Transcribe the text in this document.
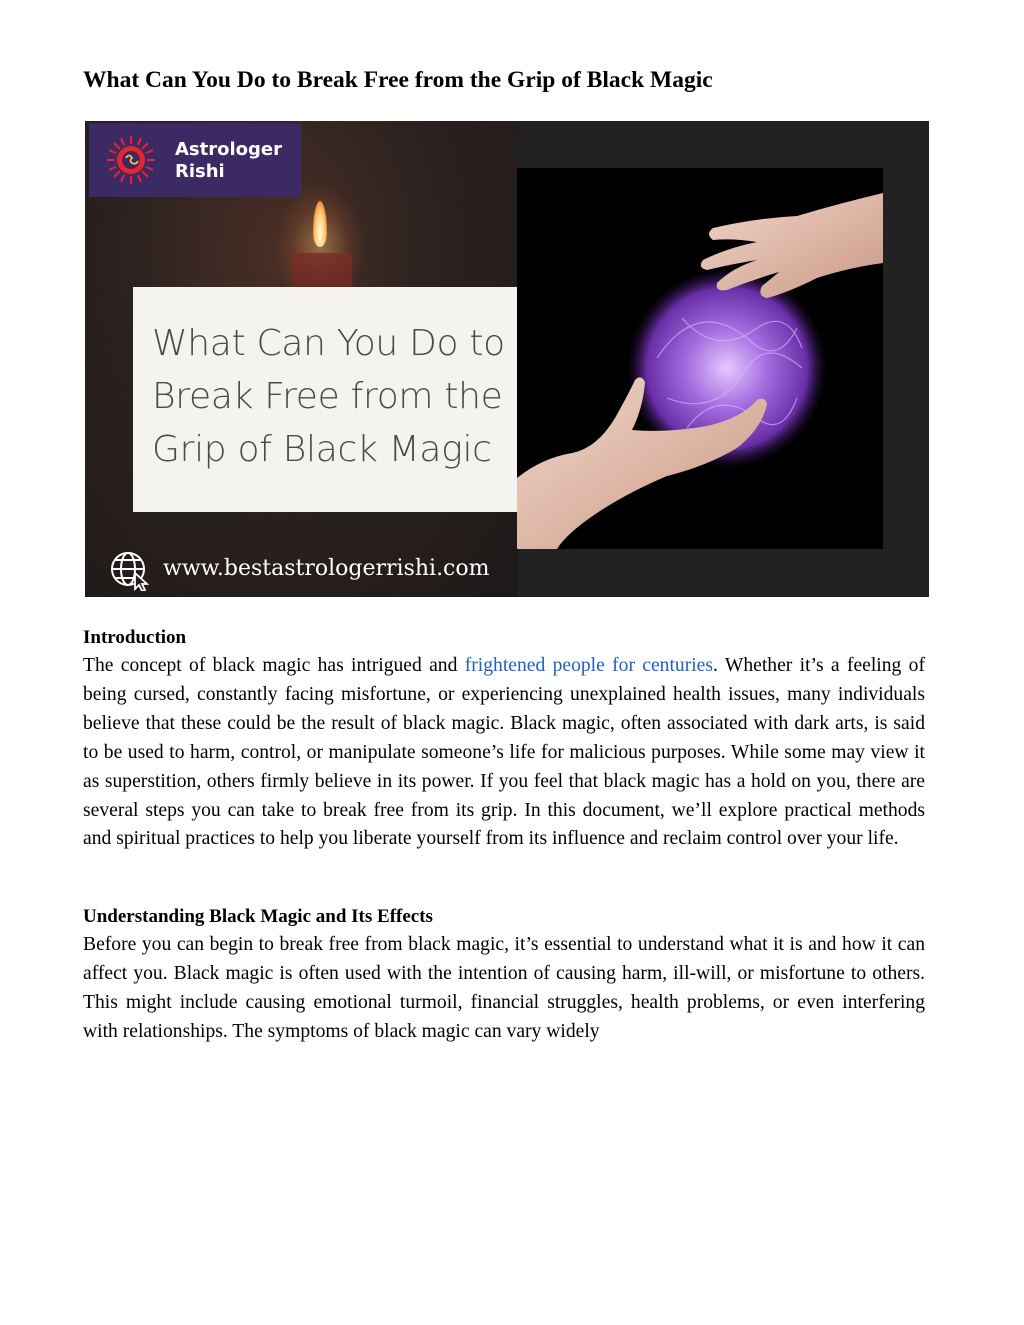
What Can You Do to Break Free from the Grip of Black Magic
Astrologer
Rishi
What Can You Do to
Break Free from the
Grip of Black Magic
www.bestastrologerrishi.com
Introduction

The concept of black magic has intrigued and frightened people for centuries. Whether it’s a feeling of being cursed, constantly facing misfortune, or experiencing unexplained health issues, many individuals believe that these could be the result of black magic. Black magic, often associated with dark arts, is said to be used to harm, control, or manipulate someone’s life for malicious purposes. While some may view it as superstition, others firmly believe in its power. If you feel that black magic has a hold on you, there are several steps you can take to break free from its grip. In this document, we’ll explore practical methods and spiritual practices to help you liberate yourself from its influence and reclaim control over your life.

Understanding Black Magic and Its Effects

Before you can begin to break free from black magic, it’s essential to understand what it is and how it can affect you. Black magic is often used with the intention of causing harm, ill-will, or misfortune to others. This might include causing emotional turmoil, financial struggles, health problems, or even interfering with relationships. The symptoms of black magic can vary widely
